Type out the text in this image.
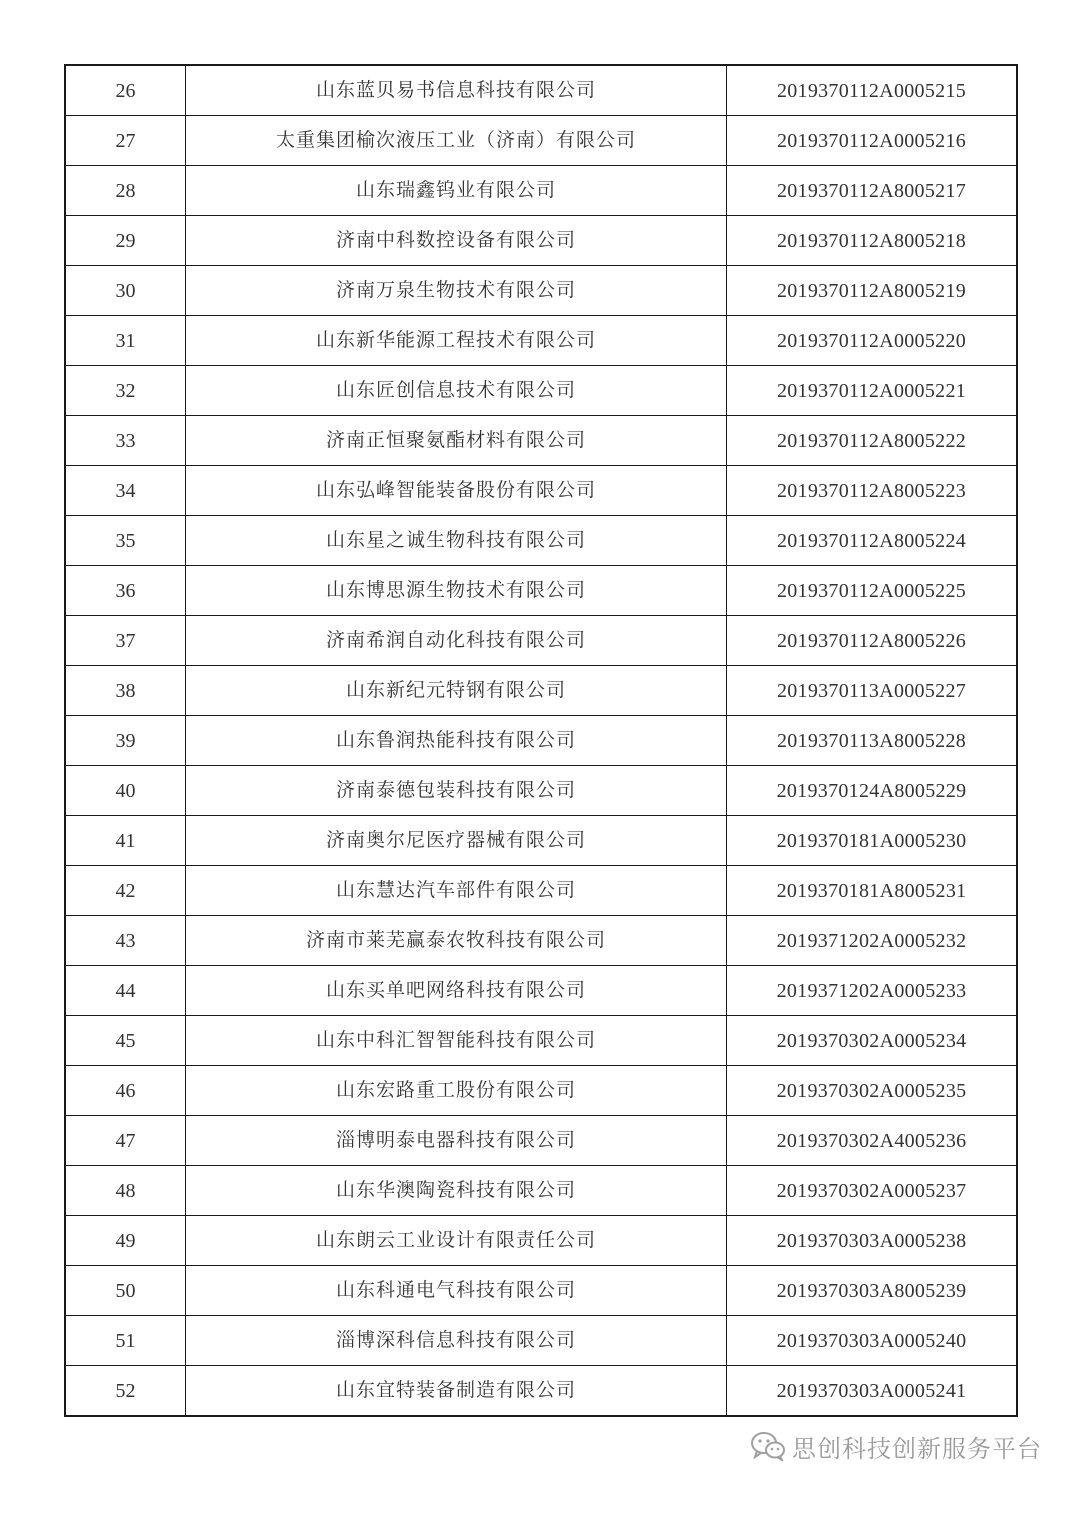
26	山东蓝贝易书信息科技有限公司	2019370112A0005215
27	太重集团榆次液压工业（济南）有限公司	2019370112A0005216
28	山东瑞鑫钨业有限公司	2019370112A8005217
29	济南中科数控设备有限公司	2019370112A8005218
30	济南万泉生物技术有限公司	2019370112A8005219
31	山东新华能源工程技术有限公司	2019370112A0005220
32	山东匠创信息技术有限公司	2019370112A0005221
33	济南正恒聚氨酯材料有限公司	2019370112A8005222
34	山东弘峰智能装备股份有限公司	2019370112A8005223
35	山东星之诚生物科技有限公司	2019370112A8005224
36	山东博思源生物技术有限公司	2019370112A0005225
37	济南希润自动化科技有限公司	2019370112A8005226
38	山东新纪元特钢有限公司	2019370113A0005227
39	山东鲁润热能科技有限公司	2019370113A8005228
40	济南泰德包装科技有限公司	2019370124A8005229
41	济南奥尔尼医疗器械有限公司	2019370181A0005230
42	山东慧达汽车部件有限公司	2019370181A8005231
43	济南市莱芜赢泰农牧科技有限公司	2019371202A0005232
44	山东买单吧网络科技有限公司	2019371202A0005233
45	山东中科汇智智能科技有限公司	2019370302A0005234
46	山东宏路重工股份有限公司	2019370302A0005235
47	淄博明泰电器科技有限公司	2019370302A4005236
48	山东华澳陶瓷科技有限公司	2019370302A0005237
49	山东朗云工业设计有限责任公司	2019370303A0005238
50	山东科通电气科技有限公司	2019370303A8005239
51	淄博深科信息科技有限公司	2019370303A0005240
52	山东宜特装备制造有限公司	2019370303A0005241
思创科技创新服务平台
